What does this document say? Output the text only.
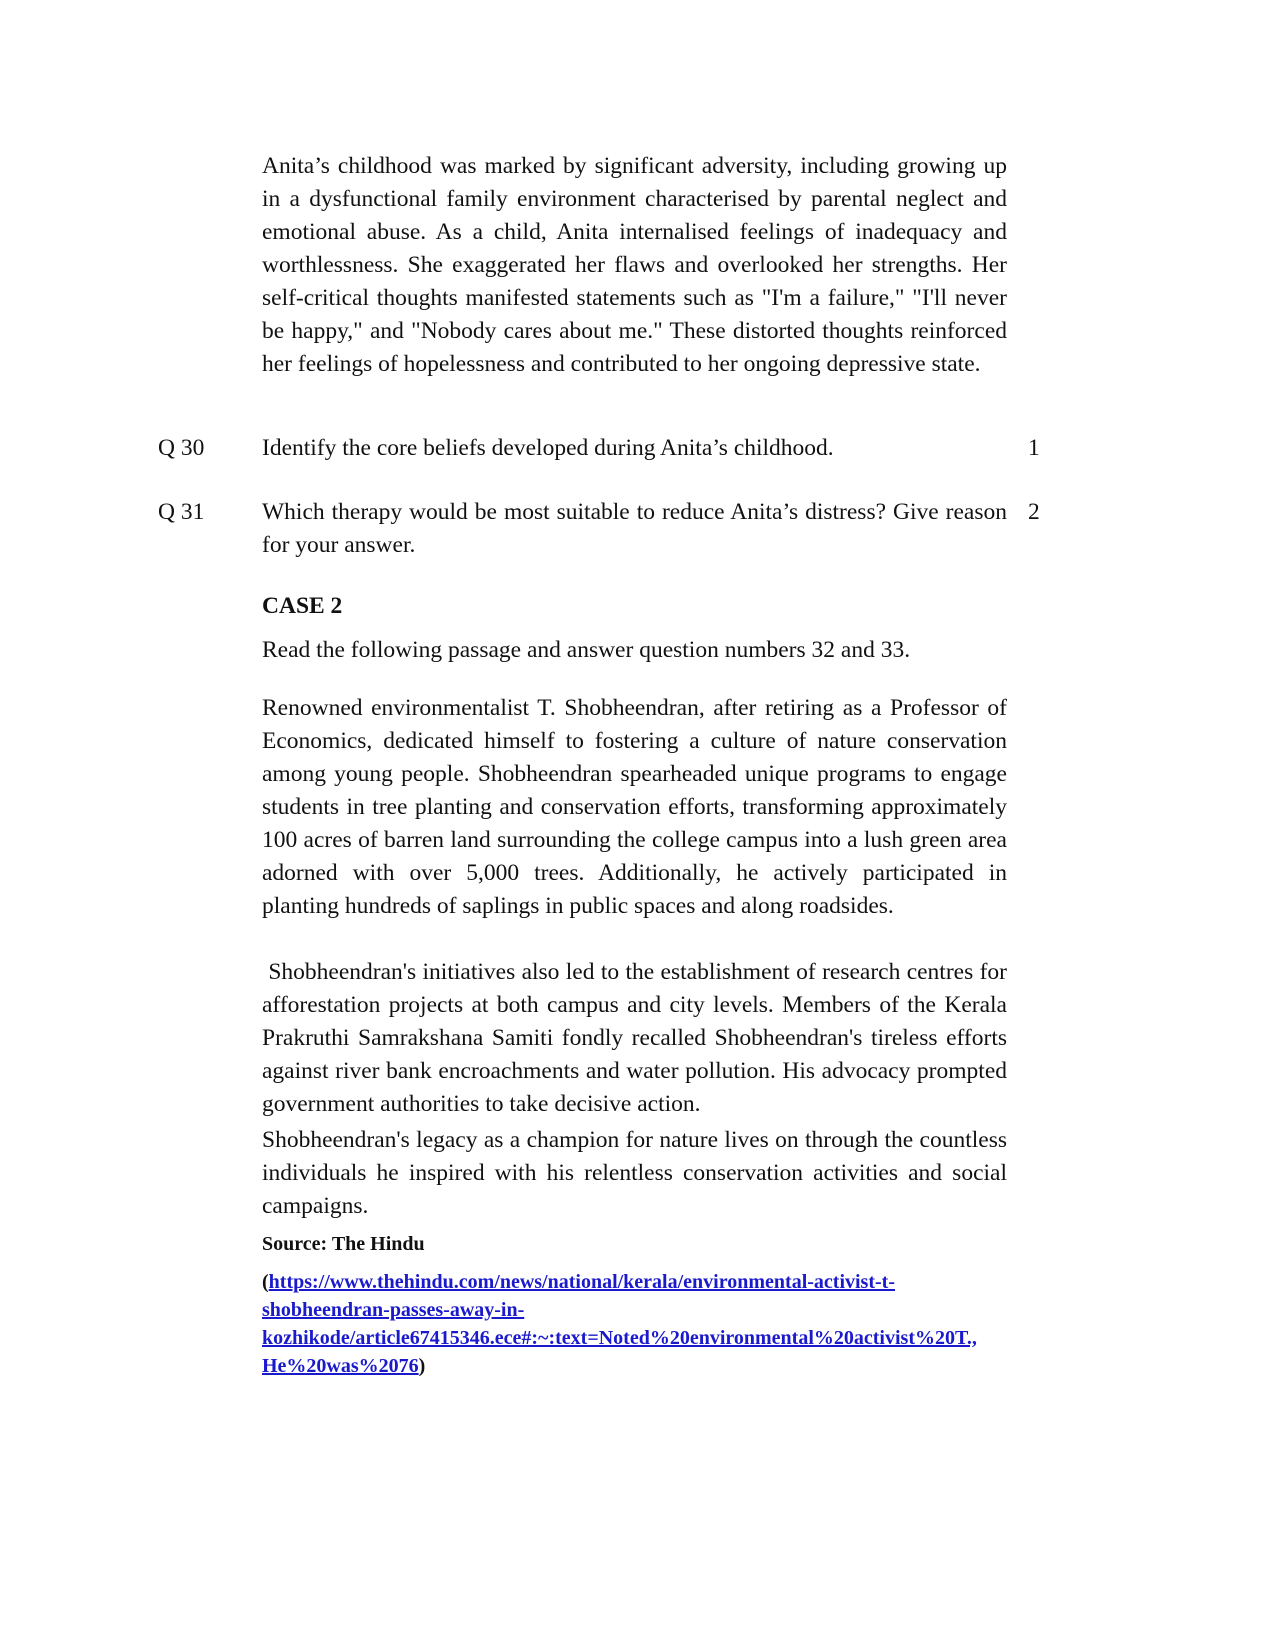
Anita’s childhood was marked by significant adversity, including growing up in a dysfunctional family environment characterised by parental neglect and emotional abuse. As a child, Anita internalised feelings of inadequacy and worthlessness. She exaggerated her flaws and overlooked her strengths. Her self-critical thoughts manifested statements such as "I'm a failure," "I'll never be happy," and "Nobody cares about me." These distorted thoughts reinforced her feelings of hopelessness and contributed to her ongoing depressive state.

Q 30 Identify the core beliefs developed during Anita’s childhood.	1
Q 31 Which therapy would be most suitable to reduce Anita’s distress? Give reason for your answer.
2
CASE 2

Read the following passage and answer question numbers 32 and 33.

Renowned environmentalist T. Shobheendran, after retiring as a Professor of Economics, dedicated himself to fostering a culture of nature conservation among young people. Shobheendran spearheaded unique programs to engage students in tree planting and conservation efforts, transforming approximately 100 acres of barren land surrounding the college campus into a lush green area adorned with over 5,000 trees. Additionally, he actively participated in planting hundreds of saplings in public spaces and along roadsides.

Shobheendran's initiatives also led to the establishment of research centres for afforestation projects at both campus and city levels. Members of the Kerala Prakruthi Samrakshana Samiti fondly recalled Shobheendran's tireless efforts against river bank encroachments and water pollution. His advocacy prompted government authorities to take decisive action.

Shobheendran's legacy as a champion for nature lives on through the countless individuals he inspired with his relentless conservation activities and social campaigns.

Source: The Hindu
(https://www.thehindu.com/news/national/kerala/environmental-activist-t-
shobheendran-passes-away-in-
kozhikode/article67415346.ece#:~:text=Noted%20environmental%20activist%20T.,
He%20was%2076)
